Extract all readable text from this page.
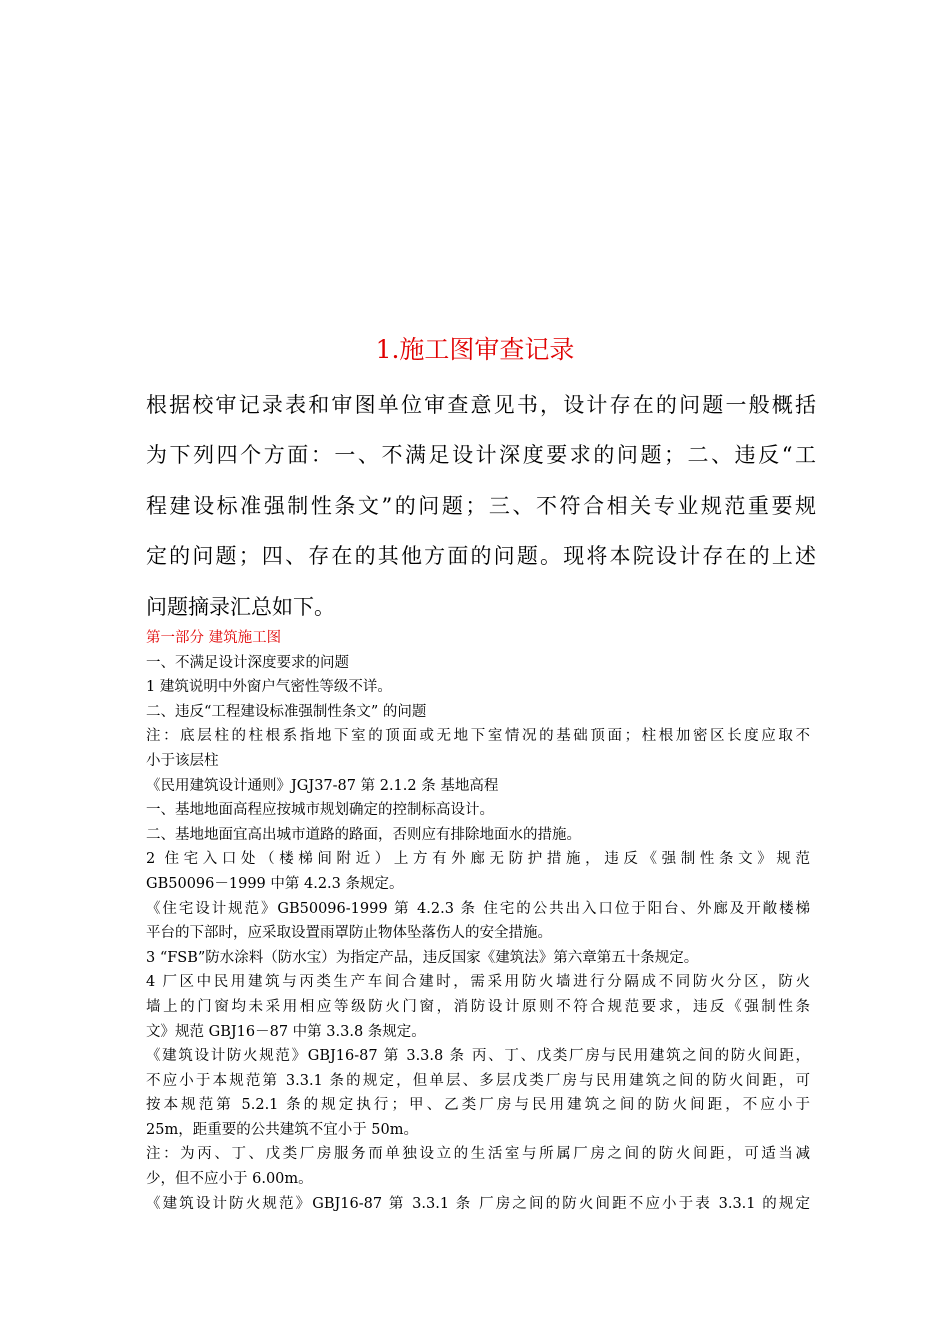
1.施工图审查记录
根据校审记录表和审图单位审查意见书，设计存在的问题一般概括
为下列四个方面：一、不满足设计深度要求的问题；二、违反“工
程建设标准强制性条文”的问题；三、不符合相关专业规范重要规
定的问题；四、存在的其他方面的问题。现将本院设计存在的上述
问题摘录汇总如下。
第一部分 建筑施工图
一、不满足设计深度要求的问题
1 建筑说明中外窗户气密性等级不详。
二、违反“工程建设标准强制性条文” 的问题
注：底层柱的柱根系指地下室的顶面或无地下室情况的基础顶面；柱根加密区长度应取不
小于该层柱
《民用建筑设计通则》JGJ37-87 第 2.1.2 条 基地高程
一、基地地面高程应按城市规划确定的控制标高设计。
二、基地地面宜高出城市道路的路面，否则应有排除地面水的措施。
2 住宅入口处（楼梯间附近）上方有外廊无防护措施，违反《强制性条文》规范
GB50096－1999 中第 4.2.3 条规定。
《住宅设计规范》GB50096-1999 第 4.2.3 条 住宅的公共出入口位于阳台、外廊及开敞楼梯
平台的下部时，应采取设置雨罩防止物体坠落伤人的安全措施。
3 “FSB”防水涂料（防水宝）为指定产品，违反国家《建筑法》第六章第五十条规定。
4 厂区中民用建筑与丙类生产车间合建时，需采用防火墙进行分隔成不同防火分区，防火
墙上的门窗均未采用相应等级防火门窗，消防设计原则不符合规范要求，违反《强制性条
文》规范 GBJ16－87 中第 3.3.8 条规定。
《建筑设计防火规范》GBJ16-87 第 3.3.8 条 丙、丁、戊类厂房与民用建筑之间的防火间距，
不应小于本规范第 3.3.1 条的规定，但单层、多层戊类厂房与民用建筑之间的防火间距，可
按本规范第 5.2.1 条的规定执行；甲、乙类厂房与民用建筑之间的防火间距，不应小于
25m，距重要的公共建筑不宜小于 50m。
注：为丙、丁、戊类厂房服务而单独设立的生活室与所属厂房之间的防火间距，可适当减
少，但不应小于 6.00m。
《建筑设计防火规范》GBJ16-87 第 3.3.1 条 厂房之间的防火间距不应小于表 3.3.1 的规定
